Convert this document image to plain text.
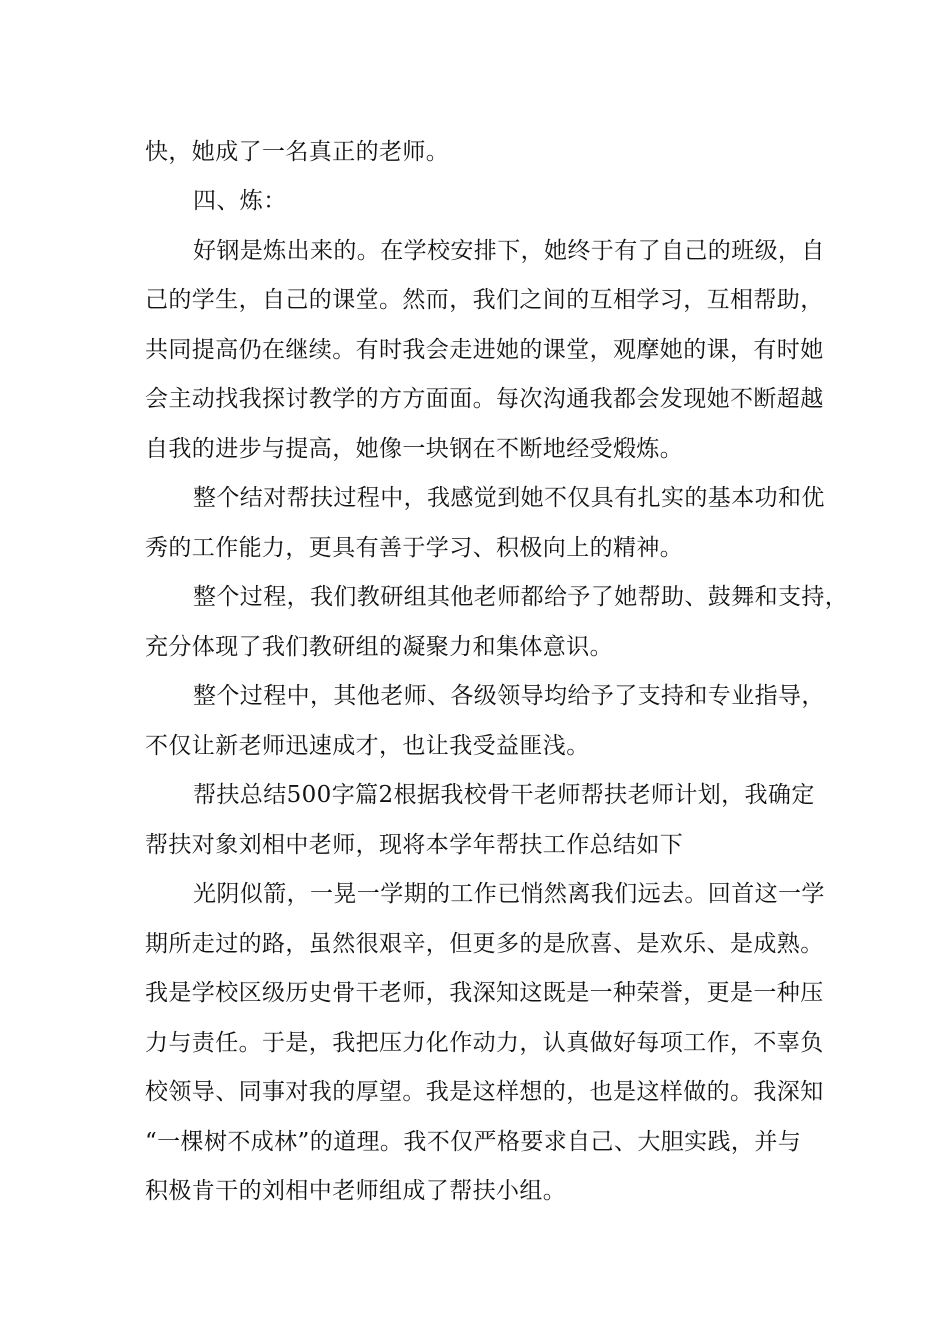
快，她成了一名真正的老师。
四、炼：
好钢是炼出来的。在学校安排下，她终于有了自己的班级，自
己的学生，自己的课堂。然而，我们之间的互相学习，互相帮助，
共同提高仍在继续。有时我会走进她的课堂，观摩她的课，有时她
会主动找我探讨教学的方方面面。每次沟通我都会发现她不断超越
自我的进步与提高，她像一块钢在不断地经受煅炼。
整个结对帮扶过程中，我感觉到她不仅具有扎实的基本功和优
秀的工作能力，更具有善于学习、积极向上的精神。
整个过程，我们教研组其他老师都给予了她帮助、鼓舞和支持，
充分体现了我们教研组的凝聚力和集体意识。
整个过程中，其他老师、各级领导均给予了支持和专业指导，
不仅让新老师迅速成才，也让我受益匪浅。
帮扶总结500字篇2根据我校骨干老师帮扶老师计划，我确定
帮扶对象刘相中老师，现将本学年帮扶工作总结如下
光阴似箭，一晃一学期的工作已悄然离我们远去。回首这一学
期所走过的路，虽然很艰辛，但更多的是欣喜、是欢乐、是成熟。
我是学校区级历史骨干老师，我深知这既是一种荣誉，更是一种压
力与责任。于是，我把压力化作动力，认真做好每项工作，不辜负
校领导、同事对我的厚望。我是这样想的，也是这样做的。我深知
“一棵树不成林”的道理。我不仅严格要求自己、大胆实践，并与
积极肯干的刘相中老师组成了帮扶小组。
